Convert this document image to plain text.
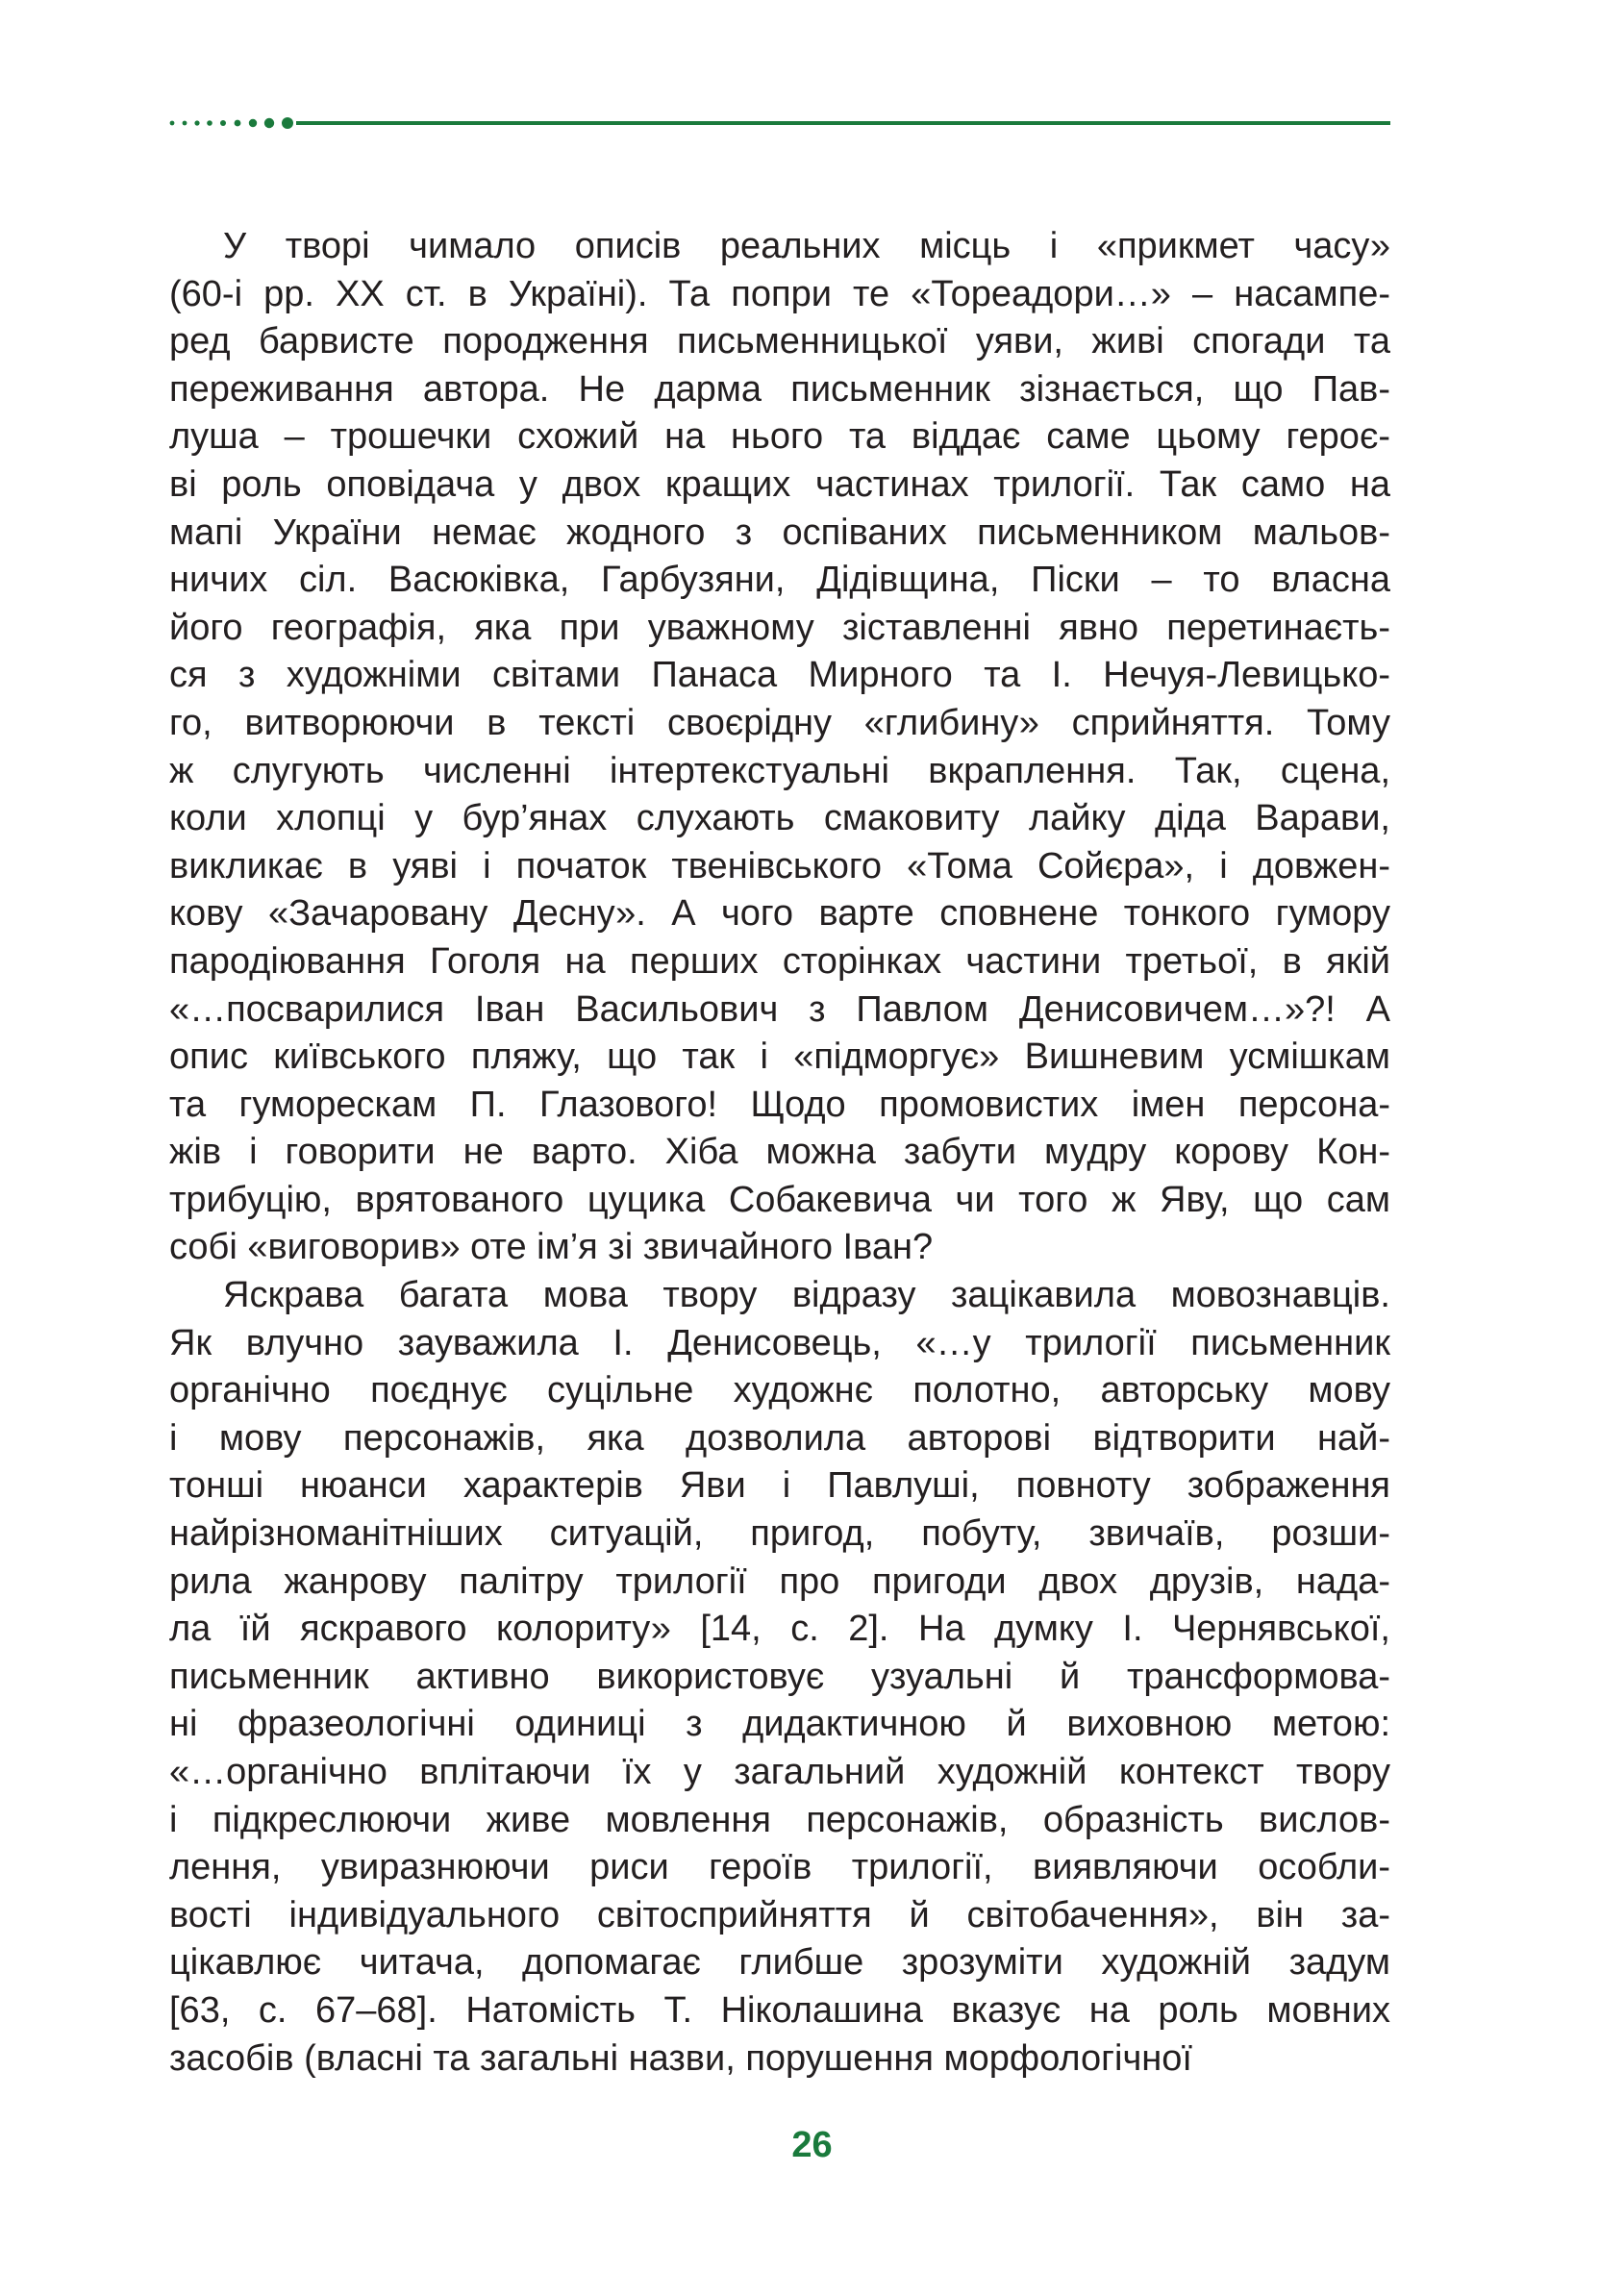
У творі чимало описів реальних місць і «прикмет часу»
(60-і рр. ХХ ст. в Україні). Та попри те «Тореадори…» – насампе-
ред барвисте породження письменницької уяви, живі спогади та
переживання автора. Не дарма письменник зізнається, що Пав-
луша – трошечки схожий на нього та віддає саме цьому героє-
ві роль оповідача у двох кращих частинах трилогії. Так само на
мапі України немає жодного з оспіваних письменником мальов-
ничих сіл. Васюківка, Гарбузяни, Дідівщина, Піски – то власна
його географія, яка при уважному зіставленні явно перетинаєть-
ся з художніми світами Панаса Мирного та І. Нечуя-Левицько-
го, витворюючи в тексті своєрідну «глибину» сприйняття. Тому
ж слугують численні інтертекстуальні вкраплення. Так, сцена,
коли хлопці у бур’янах слухають смаковиту лайку діда Варави,
викликає в уяві і початок твенівського «Тома Сойєра», і довжен-
кову «Зачаровану Десну». А чого варте сповнене тонкого гумору
пародіювання Гоголя на перших сторінках частини третьої, в якій
«…посварилися Іван Васильович з Павлом Денисовичем…»?! А
опис київського пляжу, що так і «підморгує» Вишневим усмішкам
та гуморескам П. Глазового! Щодо промовистих імен персона-
жів і говорити не варто. Хіба можна забути мудру корову Кон-
трибуцію, врятованого цуцика Собакевича чи того ж Яву, що сам
собі «виговорив» оте ім’я зі звичайного Іван?

Яскрава багата мова твору відразу зацікавила мовознавців.
Як влучно зауважила І. Денисовець, «…у трилогії письменник
органічно поєднує суцільне художнє полотно, авторську мову
і мову персонажів, яка дозволила авторові відтворити най-
тонші нюанси характерів Яви і Павлуші, повноту зображення
найрізноманітніших ситуацій, пригод, побуту, звичаїв, розши-
рила жанрову палітру трилогії про пригоди двох друзів, нада-
ла їй яскравого колориту» [14, с. 2]. На думку І. Чернявської,
письменник активно використовує узуальні й трансформова-
ні фразеологічні одиниці з дидактичною й виховною метою:
«…органічно вплітаючи їх у загальний художній контекст твору
і підкреслюючи живе мовлення персонажів, образність вислов-
лення, увиразнюючи риси героїв трилогії, виявляючи особли-
вості індивідуального світосприйняття й світобачення», він за-
цікавлює читача, допомагає глибше зрозуміти художній задум
[63, с. 67–68]. Натомість Т. Ніколашина вказує на роль мовних
засобів (власні та загальні назви, порушення морфологічної

26
